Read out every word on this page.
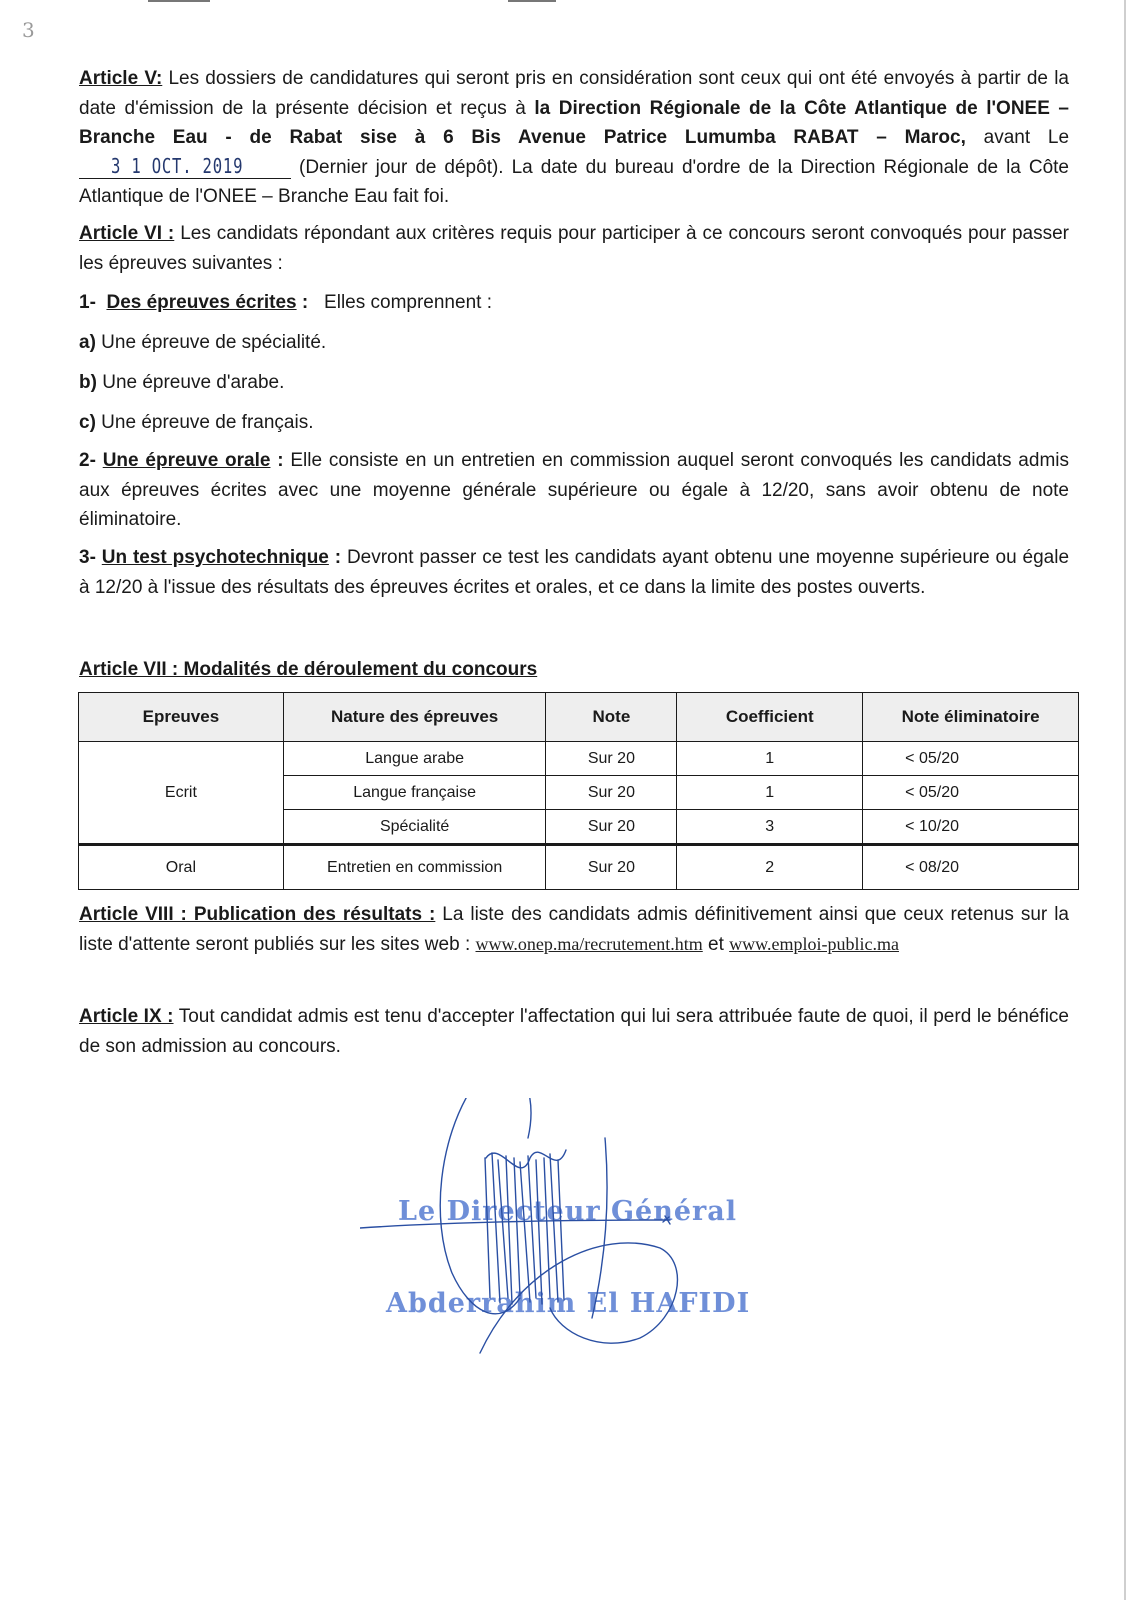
3
Article V: Les dossiers de candidatures qui seront pris en considération sont ceux qui ont été envoyés à partir de la date d'émission de la présente décision et reçus à la Direction Régionale de la Côte Atlantique de l'ONEE – Branche Eau - de Rabat sise à 6 Bis Avenue Patrice Lumumba RABAT – Maroc, avant Le 3 1 OCT. 2019	(Dernier jour de dépôt). La date du bureau d'ordre de la Direction Régionale de la Côte Atlantique de l'ONEE – Branche Eau fait foi.
Article VI : Les candidats répondant aux critères requis pour participer à ce concours seront convoqués pour passer les épreuves suivantes :
1- Des épreuves écrites : Elles comprennent :
a) Une épreuve de spécialité.
b) Une épreuve d'arabe.
c) Une épreuve de français.
2- Une épreuve orale : Elle consiste en un entretien en commission auquel seront convoqués les candidats admis aux épreuves écrites avec une moyenne générale supérieure ou égale à 12/20, sans avoir obtenu de note éliminatoire.
3- Un test psychotechnique : Devront passer ce test les candidats ayant obtenu une moyenne supérieure ou égale à 12/20 à l'issue des résultats des épreuves écrites et orales, et ce dans la limite des postes ouverts.
Article VII : Modalités de déroulement du concours
Epreuves	Nature des épreuves	Note	Coefficient	Note éliminatoire
Ecrit	Langue arabe	Sur 20	1	< 05/20
	Langue française	Sur 20	1	< 05/20
	Spécialité	Sur 20	3	< 10/20
Oral	Entretien en commission	Sur 20	2	< 08/20
Article VIII : Publication des résultats : La liste des candidats admis définitivement ainsi que ceux retenus sur la liste d'attente seront publiés sur les sites web : www.onep.ma/recrutement.htm et www.emploi-public.ma
Article IX : Tout candidat admis est tenu d'accepter l'affectation qui lui sera attribuée faute de quoi, il perd le bénéfice de son admission au concours.
Le Directeur Général
Abderrahim El HAFIDI
